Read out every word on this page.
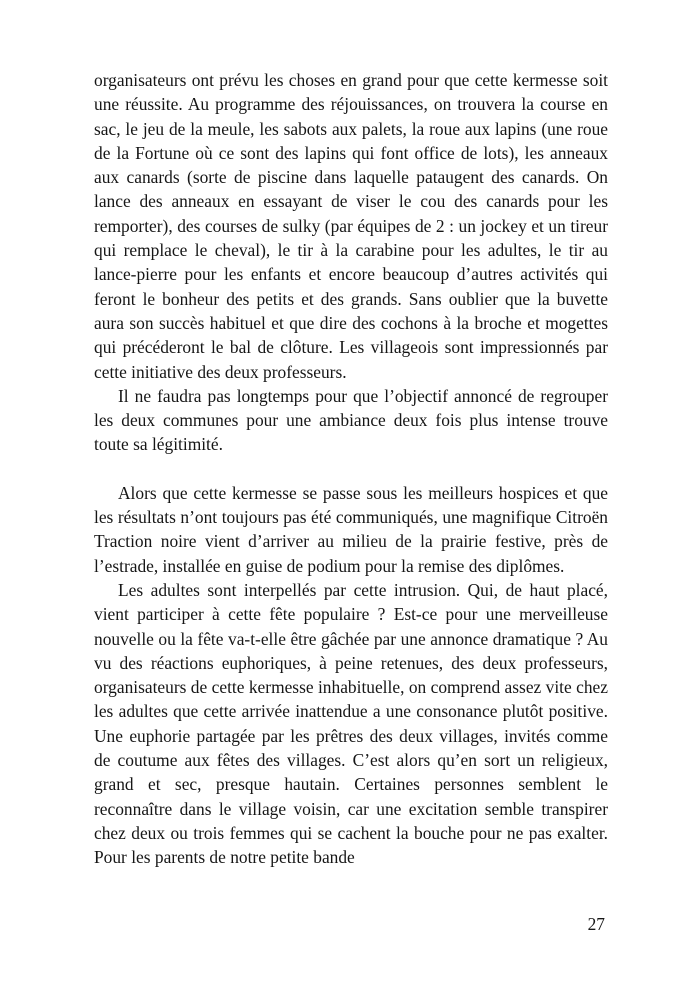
organisateurs ont prévu les choses en grand pour que cette kermesse soit une réussite. Au programme des réjouissances, on trouvera la course en sac, le jeu de la meule, les sabots aux palets, la roue aux lapins (une roue de la Fortune où ce sont des lapins qui font office de lots), les anneaux aux canards (sorte de piscine dans laquelle pataugent des canards. On lance des anneaux en essayant de viser le cou des canards pour les remporter), des courses de sulky (par équipes de 2 : un jockey et un tireur qui remplace le cheval), le tir à la carabine pour les adultes, le tir au lance-pierre pour les enfants et encore beaucoup d’autres activités qui feront le bonheur des petits et des grands. Sans oublier que la buvette aura son succès habituel et que dire des cochons à la broche et mogettes qui précéderont le bal de clôture. Les villageois sont impressionnés par cette initiative des deux professeurs.

Il ne faudra pas longtemps pour que l’objectif annoncé de regrouper les deux communes pour une ambiance deux fois plus intense trouve toute sa légitimité.

Alors que cette kermesse se passe sous les meilleurs hospices et que les résultats n’ont toujours pas été communiqués, une magnifique Citroën Traction noire vient d’arriver au milieu de la prairie festive, près de l’estrade, installée en guise de podium pour la remise des diplômes.

Les adultes sont interpellés par cette intrusion. Qui, de haut placé, vient participer à cette fête populaire ? Est-ce pour une merveilleuse nouvelle ou la fête va-t-elle être gâchée par une annonce dramatique ? Au vu des réactions euphoriques, à peine retenues, des deux professeurs, organisateurs de cette kermesse inhabituelle, on comprend assez vite chez les adultes que cette arrivée inattendue a une consonance plutôt positive. Une euphorie partagée par les prêtres des deux villages, invités comme de coutume aux fêtes des villages. C’est alors qu’en sort un religieux, grand et sec, presque hautain. Certaines personnes semblent le reconnaître dans le village voisin, car une excitation semble transpirer chez deux ou trois femmes qui se cachent la bouche pour ne pas exalter. Pour les parents de notre petite bande

27
